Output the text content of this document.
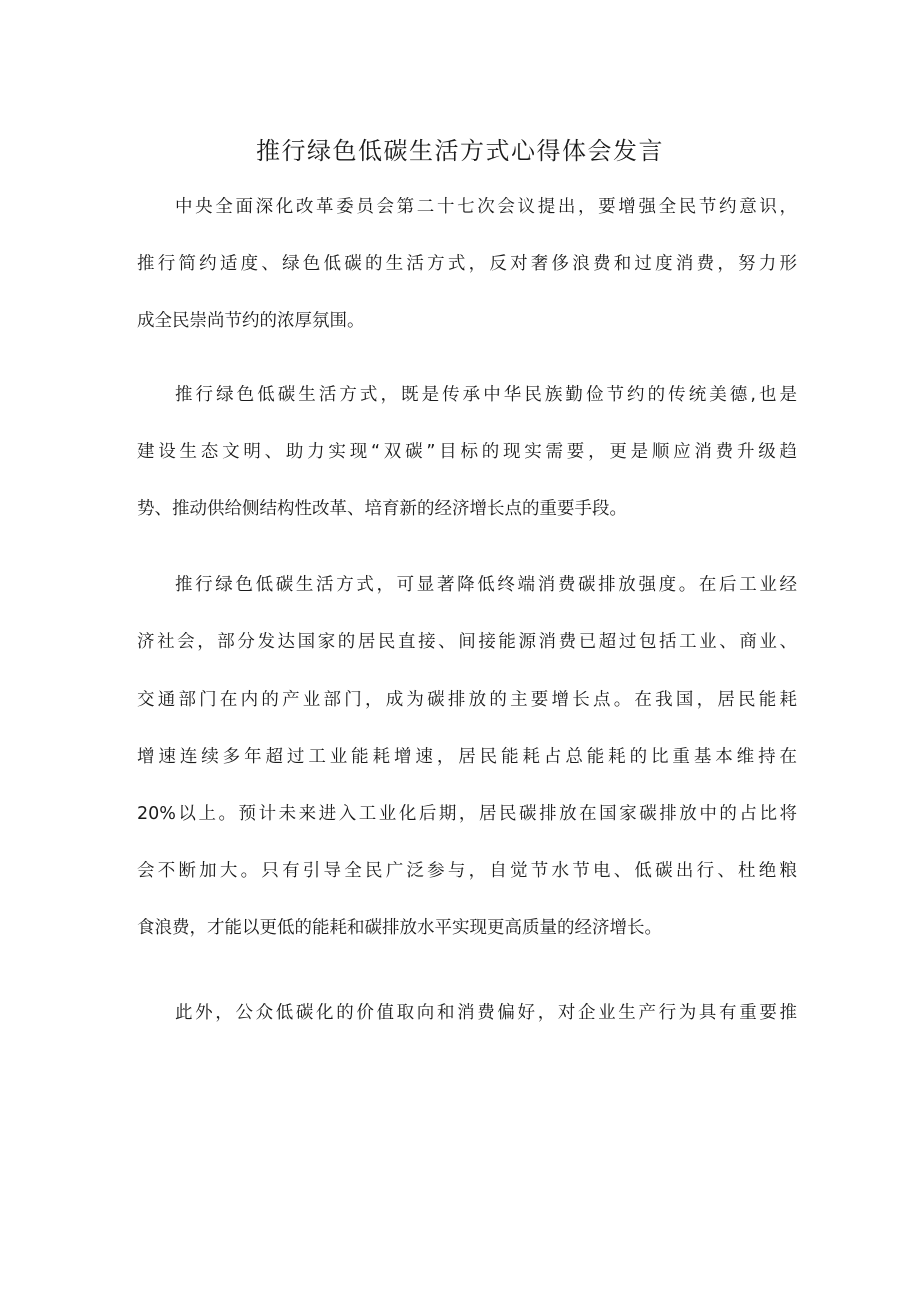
推行绿色低碳生活方式心得体会发言

中央全面深化改革委员会第二十七次会议提出，要增强全民节约意识，

推行简约适度、绿色低碳的生活方式，反对奢侈浪费和过度消费，努力形

成全民崇尚节约的浓厚氛围。

推行绿色低碳生活方式，既是传承中华民族勤俭节约的传统美德,也是

建设生态文明、助力实现“双碳”目标的现实需要，更是顺应消费升级趋

势、推动供给侧结构性改革、培育新的经济增长点的重要手段。

推行绿色低碳生活方式，可显著降低终端消费碳排放强度。在后工业经

济社会，部分发达国家的居民直接、间接能源消费已超过包括工业、商业、

交通部门在内的产业部门，成为碳排放的主要增长点。在我国，居民能耗

增速连续多年超过工业能耗增速，居民能耗占总能耗的比重基本维持在

20%以上。预计未来进入工业化后期，居民碳排放在国家碳排放中的占比将

会不断加大。只有引导全民广泛参与，自觉节水节电、低碳出行、杜绝粮

食浪费，才能以更低的能耗和碳排放水平实现更高质量的经济增长。

此外，公众低碳化的价值取向和消费偏好，对企业生产行为具有重要推
